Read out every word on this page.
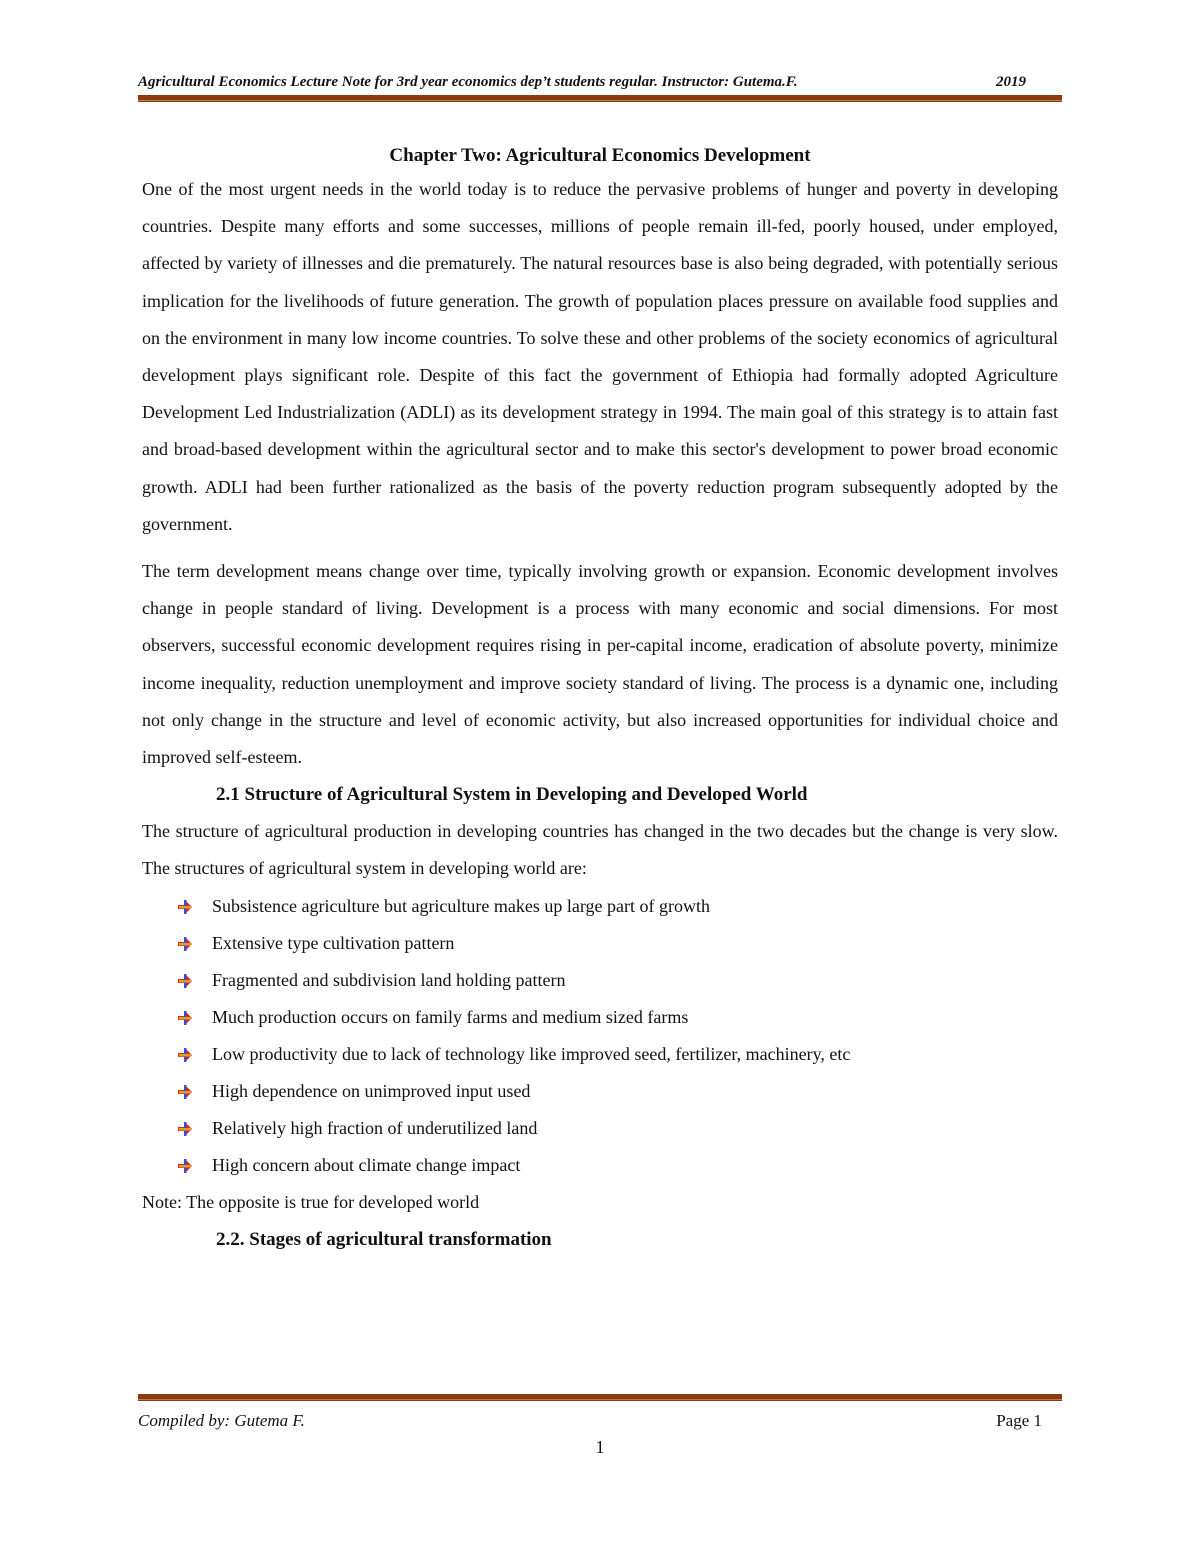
Agricultural Economics Lecture Note for 3rd year economics dep’t students regular. Instructor: Gutema.F.	2019
Chapter Two: Agricultural Economics Development

One of the most urgent needs in the world today is to reduce the pervasive problems of hunger and poverty in developing countries. Despite many efforts and some successes, millions of people remain ill-fed, poorly housed, under employed, affected by variety of illnesses and die prematurely. The natural resources base is also being degraded, with potentially serious implication for the livelihoods of future generation. The growth of population places pressure on available food supplies and on the environment in many low income countries. To solve these and other problems of the society economics of agricultural development plays significant role. Despite of this fact the government of Ethiopia had formally adopted Agriculture Development Led Industrialization (ADLI) as its development strategy in 1994. The main goal of this strategy is to attain fast and broad-based development within the agricultural sector and to make this sector's development to power broad economic growth. ADLI had been further rationalized as the basis of the poverty reduction program subsequently adopted by the government.

The term development means change over time, typically involving growth or expansion. Economic development involves change in people standard of living. Development is a process with many economic and social dimensions. For most observers, successful economic development requires rising in per-capital income, eradication of absolute poverty, minimize income inequality, reduction unemployment and improve society standard of living. The process is a dynamic one, including not only change in the structure and level of economic activity, but also increased opportunities for individual choice and improved self-esteem.

2.1 Structure of Agricultural System in Developing and Developed World

The structure of agricultural production in developing countries has changed in the two decades but the change is very slow. The structures of agricultural system in developing world are:

Subsistence agriculture but agriculture makes up large part of growth
Extensive type cultivation pattern
Fragmented and subdivision land holding pattern
Much production occurs on family farms and medium sized farms
Low productivity due to lack of technology like improved seed, fertilizer, machinery, etc
High dependence on unimproved input used
Relatively high fraction of underutilized land
High concern about climate change impact

Note: The opposite is true for developed world

2.2. Stages of agricultural transformation
Compiled by: Gutema F.	Page 1
1
